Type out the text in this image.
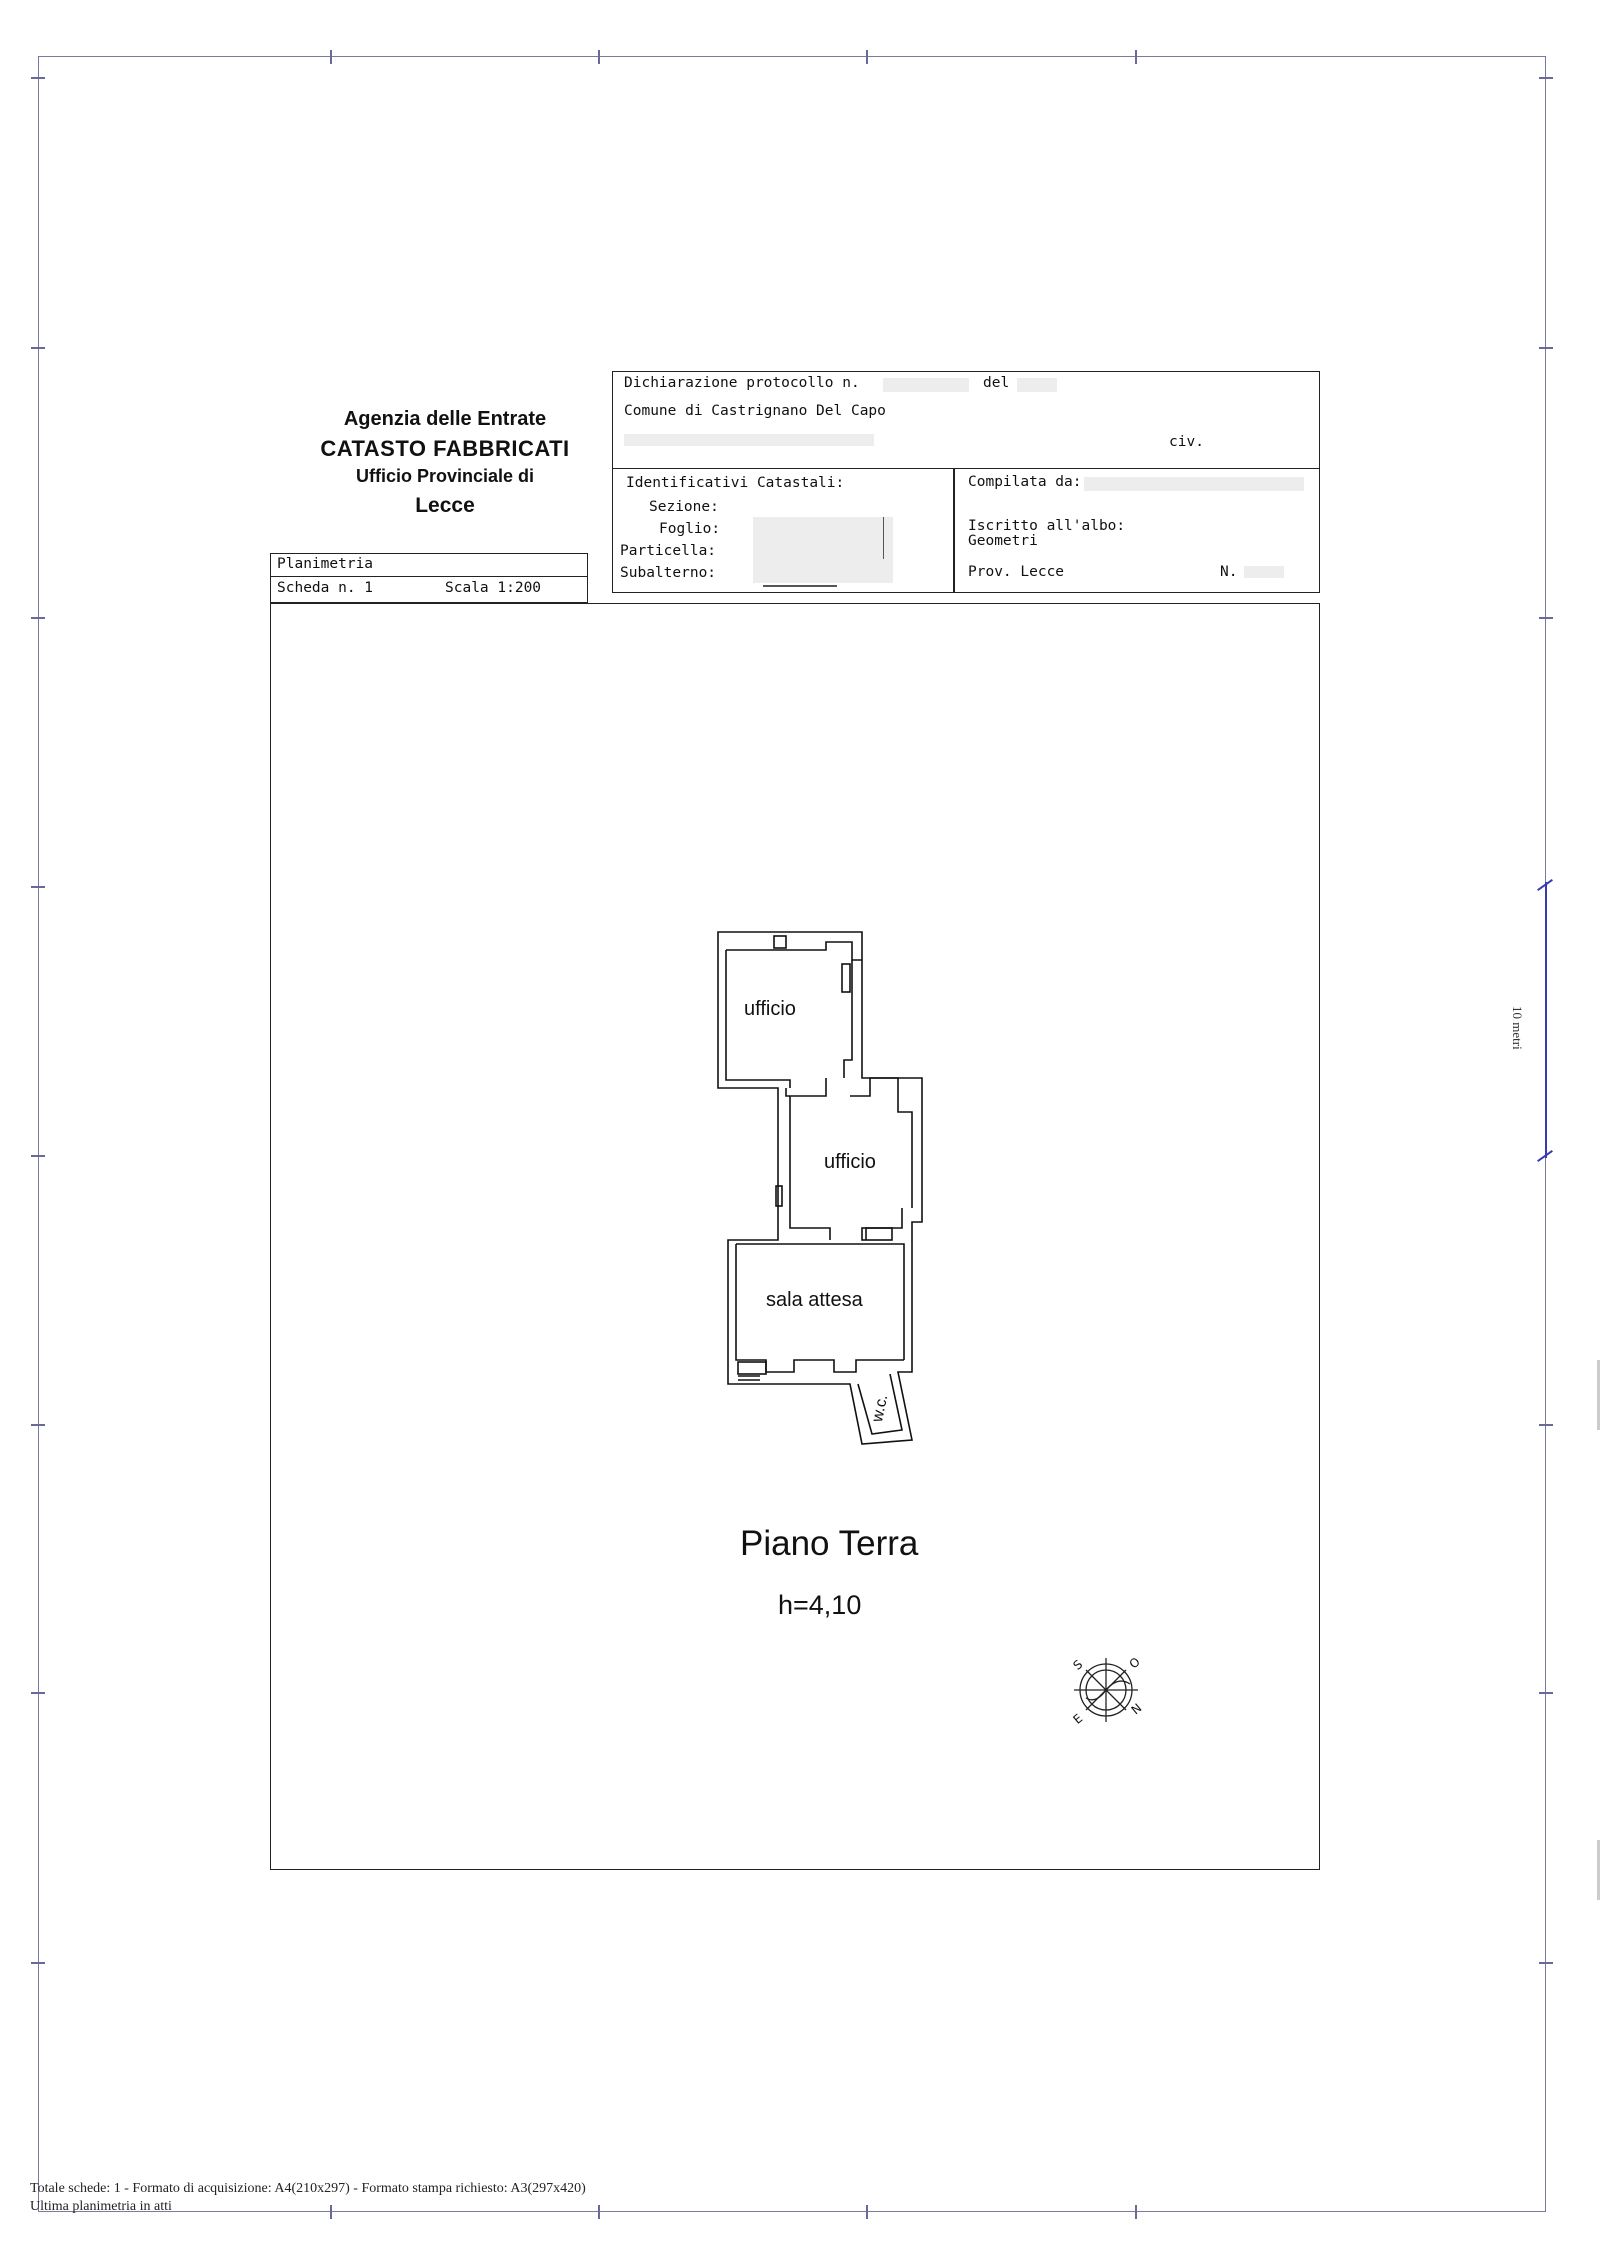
Agenzia delle Entrate
CATASTO FABBRICATI
Ufficio Provinciale di
Lecce
Planimetria
Scheda n. 1	Scala 1:200
Dichiarazione protocollo n.	del
Comune di Castrignano Del Capo
civ.
Identificativi Catastali:
Sezione:
Foglio:
Particella:
Subalterno:
Compilata da:
Iscritto all'albo:
Geometri
Prov. Lecce	N.
10 metri
ufficio
ufficio
sala attesa
w.c.
Piano Terra
h=4,10
N
S
E
O
Totale schede: 1 - Formato di acquisizione: A4(210x297) - Formato stampa richiesto: A3(297x420)
Ultima planimetria in atti
